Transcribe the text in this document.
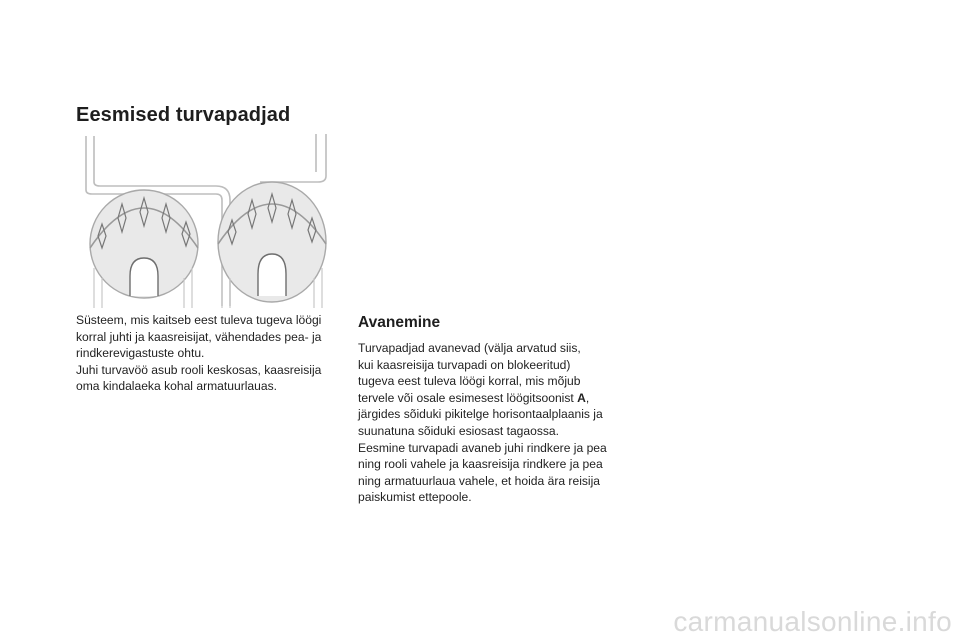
Eesmised turvapadjad

Süsteem, mis kaitseb eest tuleva tugeva löögi

korral juhti ja kaasreisijat, vähendades pea- ja

rindkerevigastuste ohtu.

Juhi turvavöö asub rooli keskosas, kaasreisija

oma kindalaeka kohal armatuurlauas.

Avanemine

Turvapadjad avanevad (välja arvatud siis,

kui kaasreisija turvapadi on blokeeritud)

tugeva eest tuleva löögi korral, mis mõjub

tervele või osale esimesest löögitsoonist A,

järgides sõiduki pikitelge horisontaalplaanis ja

suunatuna sõiduki esiosast tagaossa.

Eesmine turvapadi avaneb juhi rindkere ja pea

ning rooli vahele ja kaasreisija rindkere ja pea

ning armatuurlaua vahele, et hoida ära reisija

paiskumist ettepoole.

carmanualsonline.info
